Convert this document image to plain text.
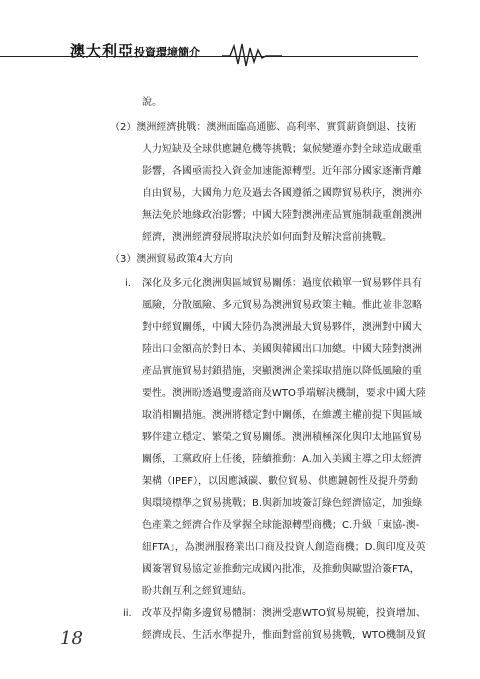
澳大利亞投資環境簡介
說。
（2）澳洲經濟挑戰：澳洲面臨高通膨、高利率、實質薪資倒退、技術
人力短缺及全球供應鏈危機等挑戰；氣候變遷亦對全球造成嚴重
影響，各國亟需投入資金加速能源轉型。近年部分國家逐漸背離
自由貿易，大國角力危及過去各國遵循之國際貿易秩序，澳洲亦
無法免於地緣政治影響；中國大陸對澳洲產品實施制裁重創澳洲
經濟，澳洲經濟發展將取決於如何面對及解決當前挑戰。
（3）澳洲貿易政策4大方向
i. 深化及多元化澳洲與區域貿易關係：過度依賴單一貿易夥伴具有
風險，分散風險、多元貿易為澳洲貿易政策主軸。惟此並非忽略
對中經貿關係，中國大陸仍為澳洲最大貿易夥伴，澳洲對中國大
陸出口金額高於對日本、美國與韓國出口加總。中國大陸對澳洲
產品實施貿易封鎖措施，突顯澳洲企業採取措施以降低風險的重
要性。澳洲盼透過雙邊諮商及WTO爭端解決機制，要求中國大陸
取消相關措施。澳洲將穩定對中關係，在維護主權前提下與區域
夥伴建立穩定、繁榮之貿易關係。澳洲積極深化與印太地區貿易
關係，工黨政府上任後，陸續推動：A.加入美國主導之印太經濟
架構（IPEF），以因應減碳、數位貿易、供應鏈韌性及提升勞動
與環境標準之貿易挑戰；B.與新加坡簽訂綠色經濟協定，加強綠
色產業之經濟合作及掌握全球能源轉型商機；C.升級「東協-澳-
紐FTA」，為澳洲服務業出口商及投資人創造商機；D.與印度及英
國簽署貿易協定並推動完成國內批准，及推動與歐盟洽簽FTA，
盼共創互利之經貿連結。
ii. 改革及捍衛多邊貿易體制：澳洲受惠WTO貿易規範，投資增加、
經濟成長、生活水準提升，惟面對當前貿易挑戰，WTO機制及貿
18
